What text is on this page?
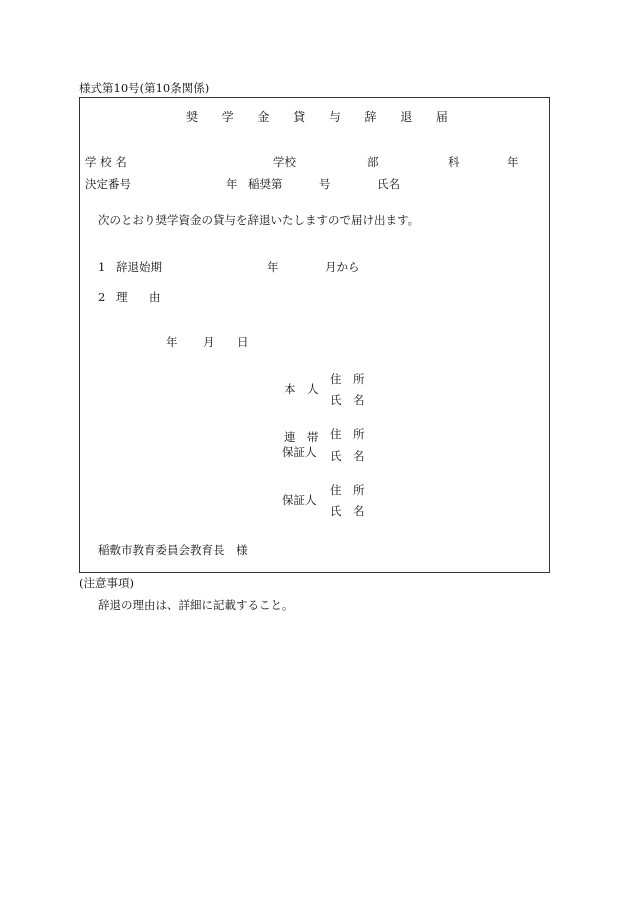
様式第10号(第10条関係)
奨 学 金 貸 与 辞 退 届
学 校 名	学校	部	科	年
決定番号	年 稲奨第	号	氏名
次のとおり奨学資金の貸与を辞退いたしますので届け出ます。
1 辞退始期	年	月から
2 理 由
年 月 日
本　人
住　所
氏　名
連　帯
保証人
住　所
氏　名
保証人
住　所
氏　名
稲敷市教育委員会教育長　様
(注意事項)
辞退の理由は、詳細に記載すること。
